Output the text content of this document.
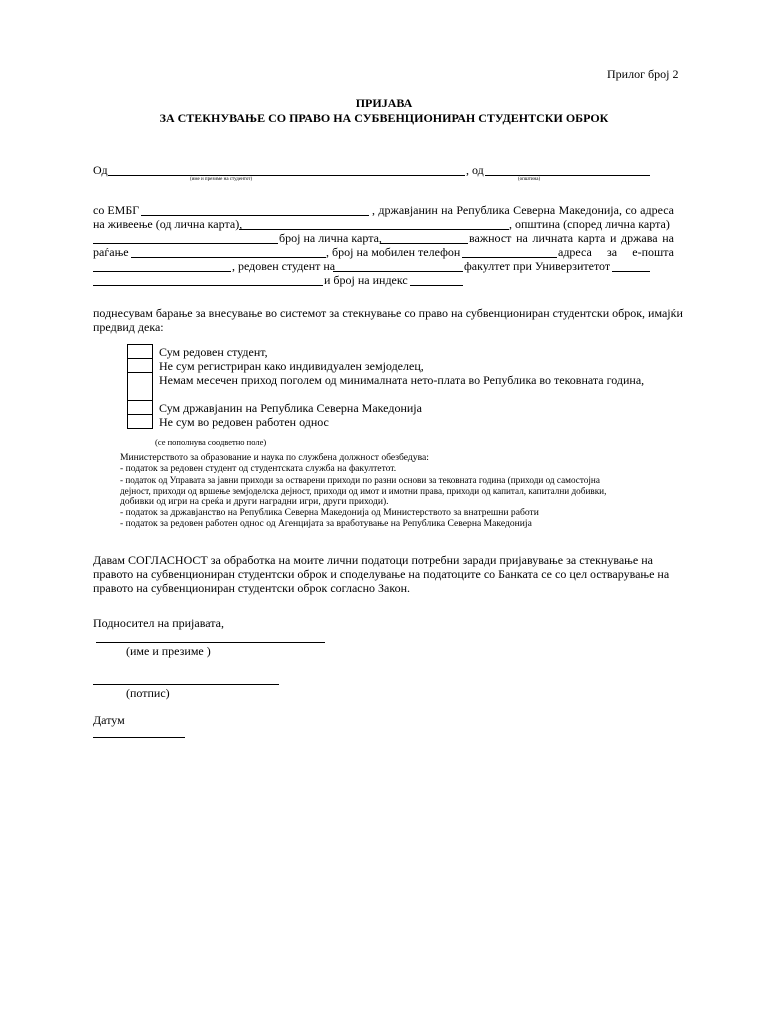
Прилог број 2
ПРИЈАВА
ЗА СТЕКНУВАЊЕ СО ПРАВО НА СУБВЕНЦИОНИРАН СТУДЕНТСКИ ОБРОК
Од	, од
(име и презиме на студентот)	(општина)
со ЕМБГ	, државјанин на Република Северна Македонија, со адреса
на живеење (од лична карта),	, општина (според лична карта)
број на лична карта,	важност на личната карта и држава на
раѓање	, број на мобилен телефон	адреса за е-пошта
, редовен студент на	факултет при Универзитетот
и број на индекс
поднесувам барање за внесување во системот за стекнување со право на субвенциониран студентски оброк, имајќи
предвид дека:
Сум редовен студент,
Не сум регистриран како индивидуален земјоделец,
Немам месечен приход поголем од минималната нето-плата во Република во тековната година,
Сум државјанин на Република Северна Македонија
Не сум во редовен работен однос
(се пополнува соодветно поле)
Министерството за образование и наука по службена должност обезбедува:
- податок за редовен студент од студентската служба на факултетот.
- податок од Управата за јавни приходи за остварени приходи по разни основи за тековната година (приходи од самостојна
дејност, приходи од вршење земјоделска дејност, приходи од имот и имотни права, приходи од капитал, капитални добивки,
добивки од игри на среќа и други наградни игри, други приходи).
- податок за државјанство на Република Северна Македонија од Министерството за внатрешни работи
- податок за редовен работен однос од Агенцијата за вработување на Република Северна Македонија
Давам СОГЛАСНОСТ за обработка на моите лични податоци потребни заради пријавување за стекнување на
правото на субвенциониран студентски оброк и споделување на податоците со Банката се со цел остварување на
правото на субвенциониран студентски оброк согласно Закон.
Подносител на пријавата,
(име и презиме )
(потпис)
Датум
